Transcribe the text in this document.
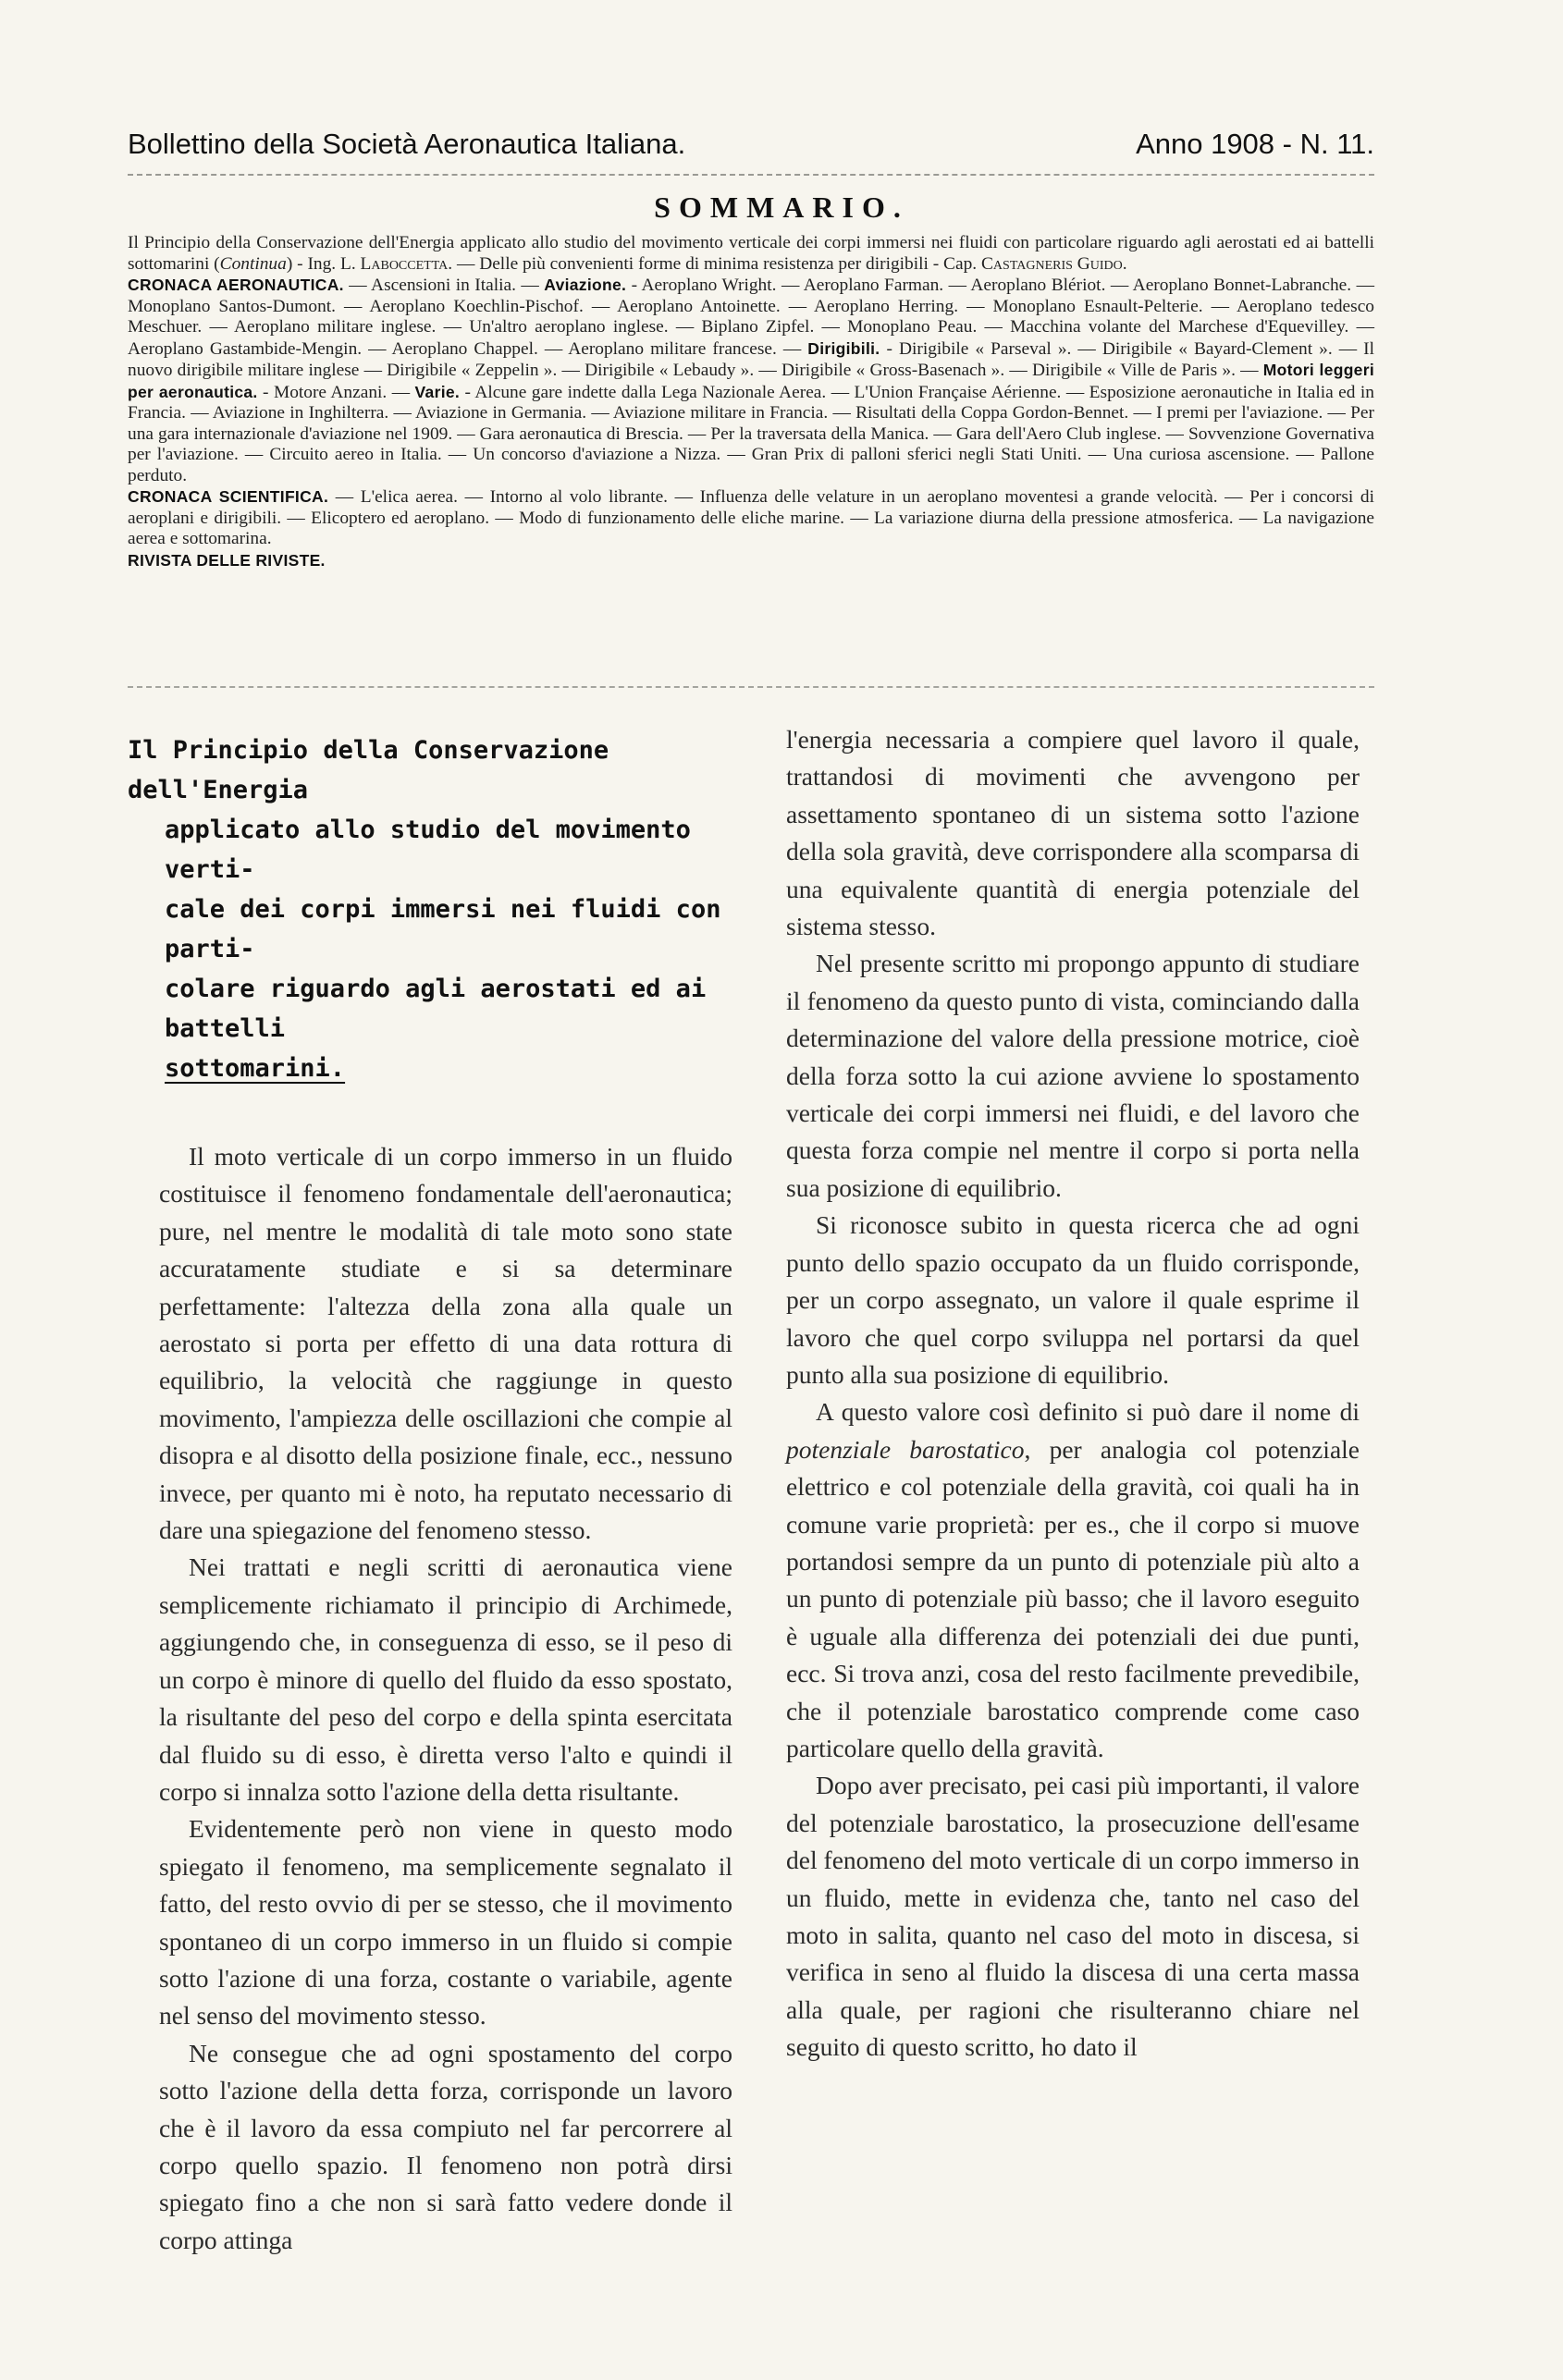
Bollettino della Società Aeronautica Italiana.	Anno 1908 - N. 11.
SOMMARIO.

Il Principio della Conservazione dell'Energia applicato allo studio del movimento verticale dei corpi immersi nei fluidi con particolare riguardo agli aerostati ed ai battelli sottomarini (Continua) - Ing. L. Laboccetta. — Delle più convenienti forme di minima resistenza per dirigibili - Cap. Castagneris Guido.

CRONACA AERONAUTICA. — Ascensioni in Italia. — Aviazione. - Aeroplano Wright. — Aeroplano Farman. — Aeroplano Blériot. — Aeroplano Bonnet-Labranche. — Monoplano Santos-Dumont. — Aeroplano Koechlin-Pischof. — Aeroplano Antoinette. — Aeroplano Herring. — Monoplano Esnault-Pelterie. — Aeroplano tedesco Meschuer. — Aeroplano militare inglese. — Un'altro aeroplano inglese. — Biplano Zipfel. — Monoplano Peau. — Macchina volante del Marchese d'Equevilley. — Aeroplano Gastambide-Mengin. — Aeroplano Chappel. — Aeroplano militare francese. — Dirigibili. - Dirigibile « Parseval ». — Dirigibile « Bayard-Clement ». — Il nuovo dirigibile militare inglese — Dirigibile « Zeppelin ». — Dirigibile « Lebaudy ». — Dirigibile « Gross-Basenach ». — Dirigibile « Ville de Paris ». — Motori leggeri per aeronautica. - Motore Anzani. — Varie. - Alcune gare indette dalla Lega Nazionale Aerea. — L'Union Française Aérienne. — Esposizione aeronautiche in Italia ed in Francia. — Aviazione in Inghilterra. — Aviazione in Germania. — Aviazione militare in Francia. — Risultati della Coppa Gordon-Bennet. — I premi per l'aviazione. — Per una gara internazionale d'aviazione nel 1909. — Gara aeronautica di Brescia. — Per la traversata della Manica. — Gara dell'Aero Club inglese. — Sovvenzione Governativa per l'aviazione. — Circuito aereo in Italia. — Un concorso d'aviazione a Nizza. — Gran Prix di palloni sferici negli Stati Uniti. — Una curiosa ascensione. — Pallone perduto.

CRONACA SCIENTIFICA. — L'elica aerea. — Intorno al volo librante. — Influenza delle velature in un aeroplano moventesi a grande velocità. — Per i concorsi di aeroplani e dirigibili. — Elicoptero ed aeroplano. — Modo di funzionamento delle eliche marine. — La variazione diurna della pressione atmosferica. — La navigazione aerea e sottomarina.

RIVISTA DELLE RIVISTE.

Il Principio della Conservazione dell'Energia
applicato allo studio del movimento verti-
cale dei corpi immersi nei fluidi con parti-
colare riguardo agli aerostati ed ai battelli
sottomarini.

Il moto verticale di un corpo immerso in un fluido costituisce il fenomeno fondamentale dell'aeronautica; pure, nel mentre le modalità di tale moto sono state accuratamente studiate e si sa determinare perfettamente: l'altezza della zona alla quale un aerostato si porta per effetto di una data rottura di equilibrio, la velocità che raggiunge in questo movimento, l'ampiezza delle oscillazioni che compie al disopra e al disotto della posizione finale, ecc., nessuno invece, per quanto mi è noto, ha reputato necessario di dare una spiegazione del fenomeno stesso.

Nei trattati e negli scritti di aeronautica viene semplicemente richiamato il principio di Archimede, aggiungendo che, in conseguenza di esso, se il peso di un corpo è minore di quello del fluido da esso spostato, la risultante del peso del corpo e della spinta esercitata dal fluido su di esso, è diretta verso l'alto e quindi il corpo si innalza sotto l'azione della detta risultante.

Evidentemente però non viene in questo modo spiegato il fenomeno, ma semplicemente segnalato il fatto, del resto ovvio di per se stesso, che il movimento spontaneo di un corpo immerso in un fluido si compie sotto l'azione di una forza, costante o variabile, agente nel senso del movimento stesso.

Ne consegue che ad ogni spostamento del corpo sotto l'azione della detta forza, corrisponde un lavoro che è il lavoro da essa compiuto nel far percorrere al corpo quello spazio. Il fenomeno non potrà dirsi spiegato fino a che non si sarà fatto vedere donde il corpo attinga

l'energia necessaria a compiere quel lavoro il quale, trattandosi di movimenti che avvengono per assettamento spontaneo di un sistema sotto l'azione della sola gravità, deve corrispondere alla scomparsa di una equivalente quantità di energia potenziale del sistema stesso.

Nel presente scritto mi propongo appunto di studiare il fenomeno da questo punto di vista, cominciando dalla determinazione del valore della pressione motrice, cioè della forza sotto la cui azione avviene lo spostamento verticale dei corpi immersi nei fluidi, e del lavoro che questa forza compie nel mentre il corpo si porta nella sua posizione di equilibrio.

Si riconosce subito in questa ricerca che ad ogni punto dello spazio occupato da un fluido corrisponde, per un corpo assegnato, un valore il quale esprime il lavoro che quel corpo sviluppa nel portarsi da quel punto alla sua posizione di equilibrio.

A questo valore così definito si può dare il nome di potenziale barostatico, per analogia col potenziale elettrico e col potenziale della gravità, coi quali ha in comune varie proprietà: per es., che il corpo si muove portandosi sempre da un punto di potenziale più alto a un punto di potenziale più basso; che il lavoro eseguito è uguale alla differenza dei potenziali dei due punti, ecc. Si trova anzi, cosa del resto facilmente prevedibile, che il potenziale barostatico comprende come caso particolare quello della gravità.

Dopo aver precisato, pei casi più importanti, il valore del potenziale barostatico, la prosecuzione dell'esame del fenomeno del moto verticale di un corpo immerso in un fluido, mette in evidenza che, tanto nel caso del moto in salita, quanto nel caso del moto in discesa, si verifica in seno al fluido la discesa di una certa massa alla quale, per ragioni che risulteranno chiare nel seguito di questo scritto, ho dato il
